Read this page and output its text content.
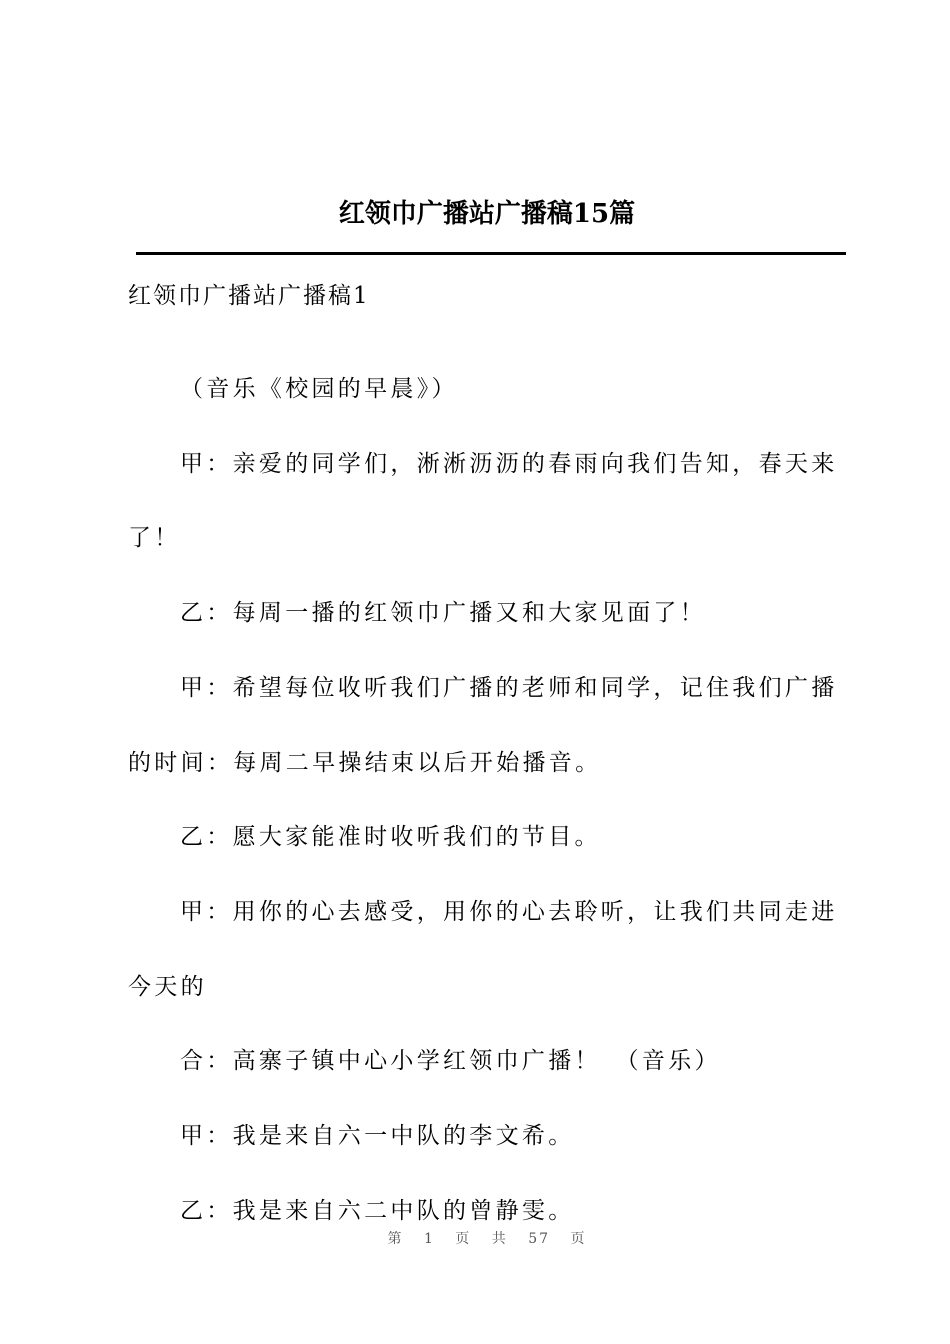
红领巾广播站广播稿15篇
红领巾广播站广播稿1

（音乐《校园的早晨》）

甲：亲爱的同学们，淅淅沥沥的春雨向我们告知，春天来了！

乙：每周一播的红领巾广播又和大家见面了！

甲：希望每位收听我们广播的老师和同学，记住我们广播的时间：每周二早操结束以后开始播音。

乙：愿大家能准时收听我们的节目。

甲：用你的心去感受，用你的心去聆听，让我们共同走进今天的

合：高寨子镇中心小学红领巾广播！　（音乐）

甲：我是来自六一中队的李文希。

乙：我是来自六二中队的曾静雯。

第 1 页 共 57 页
